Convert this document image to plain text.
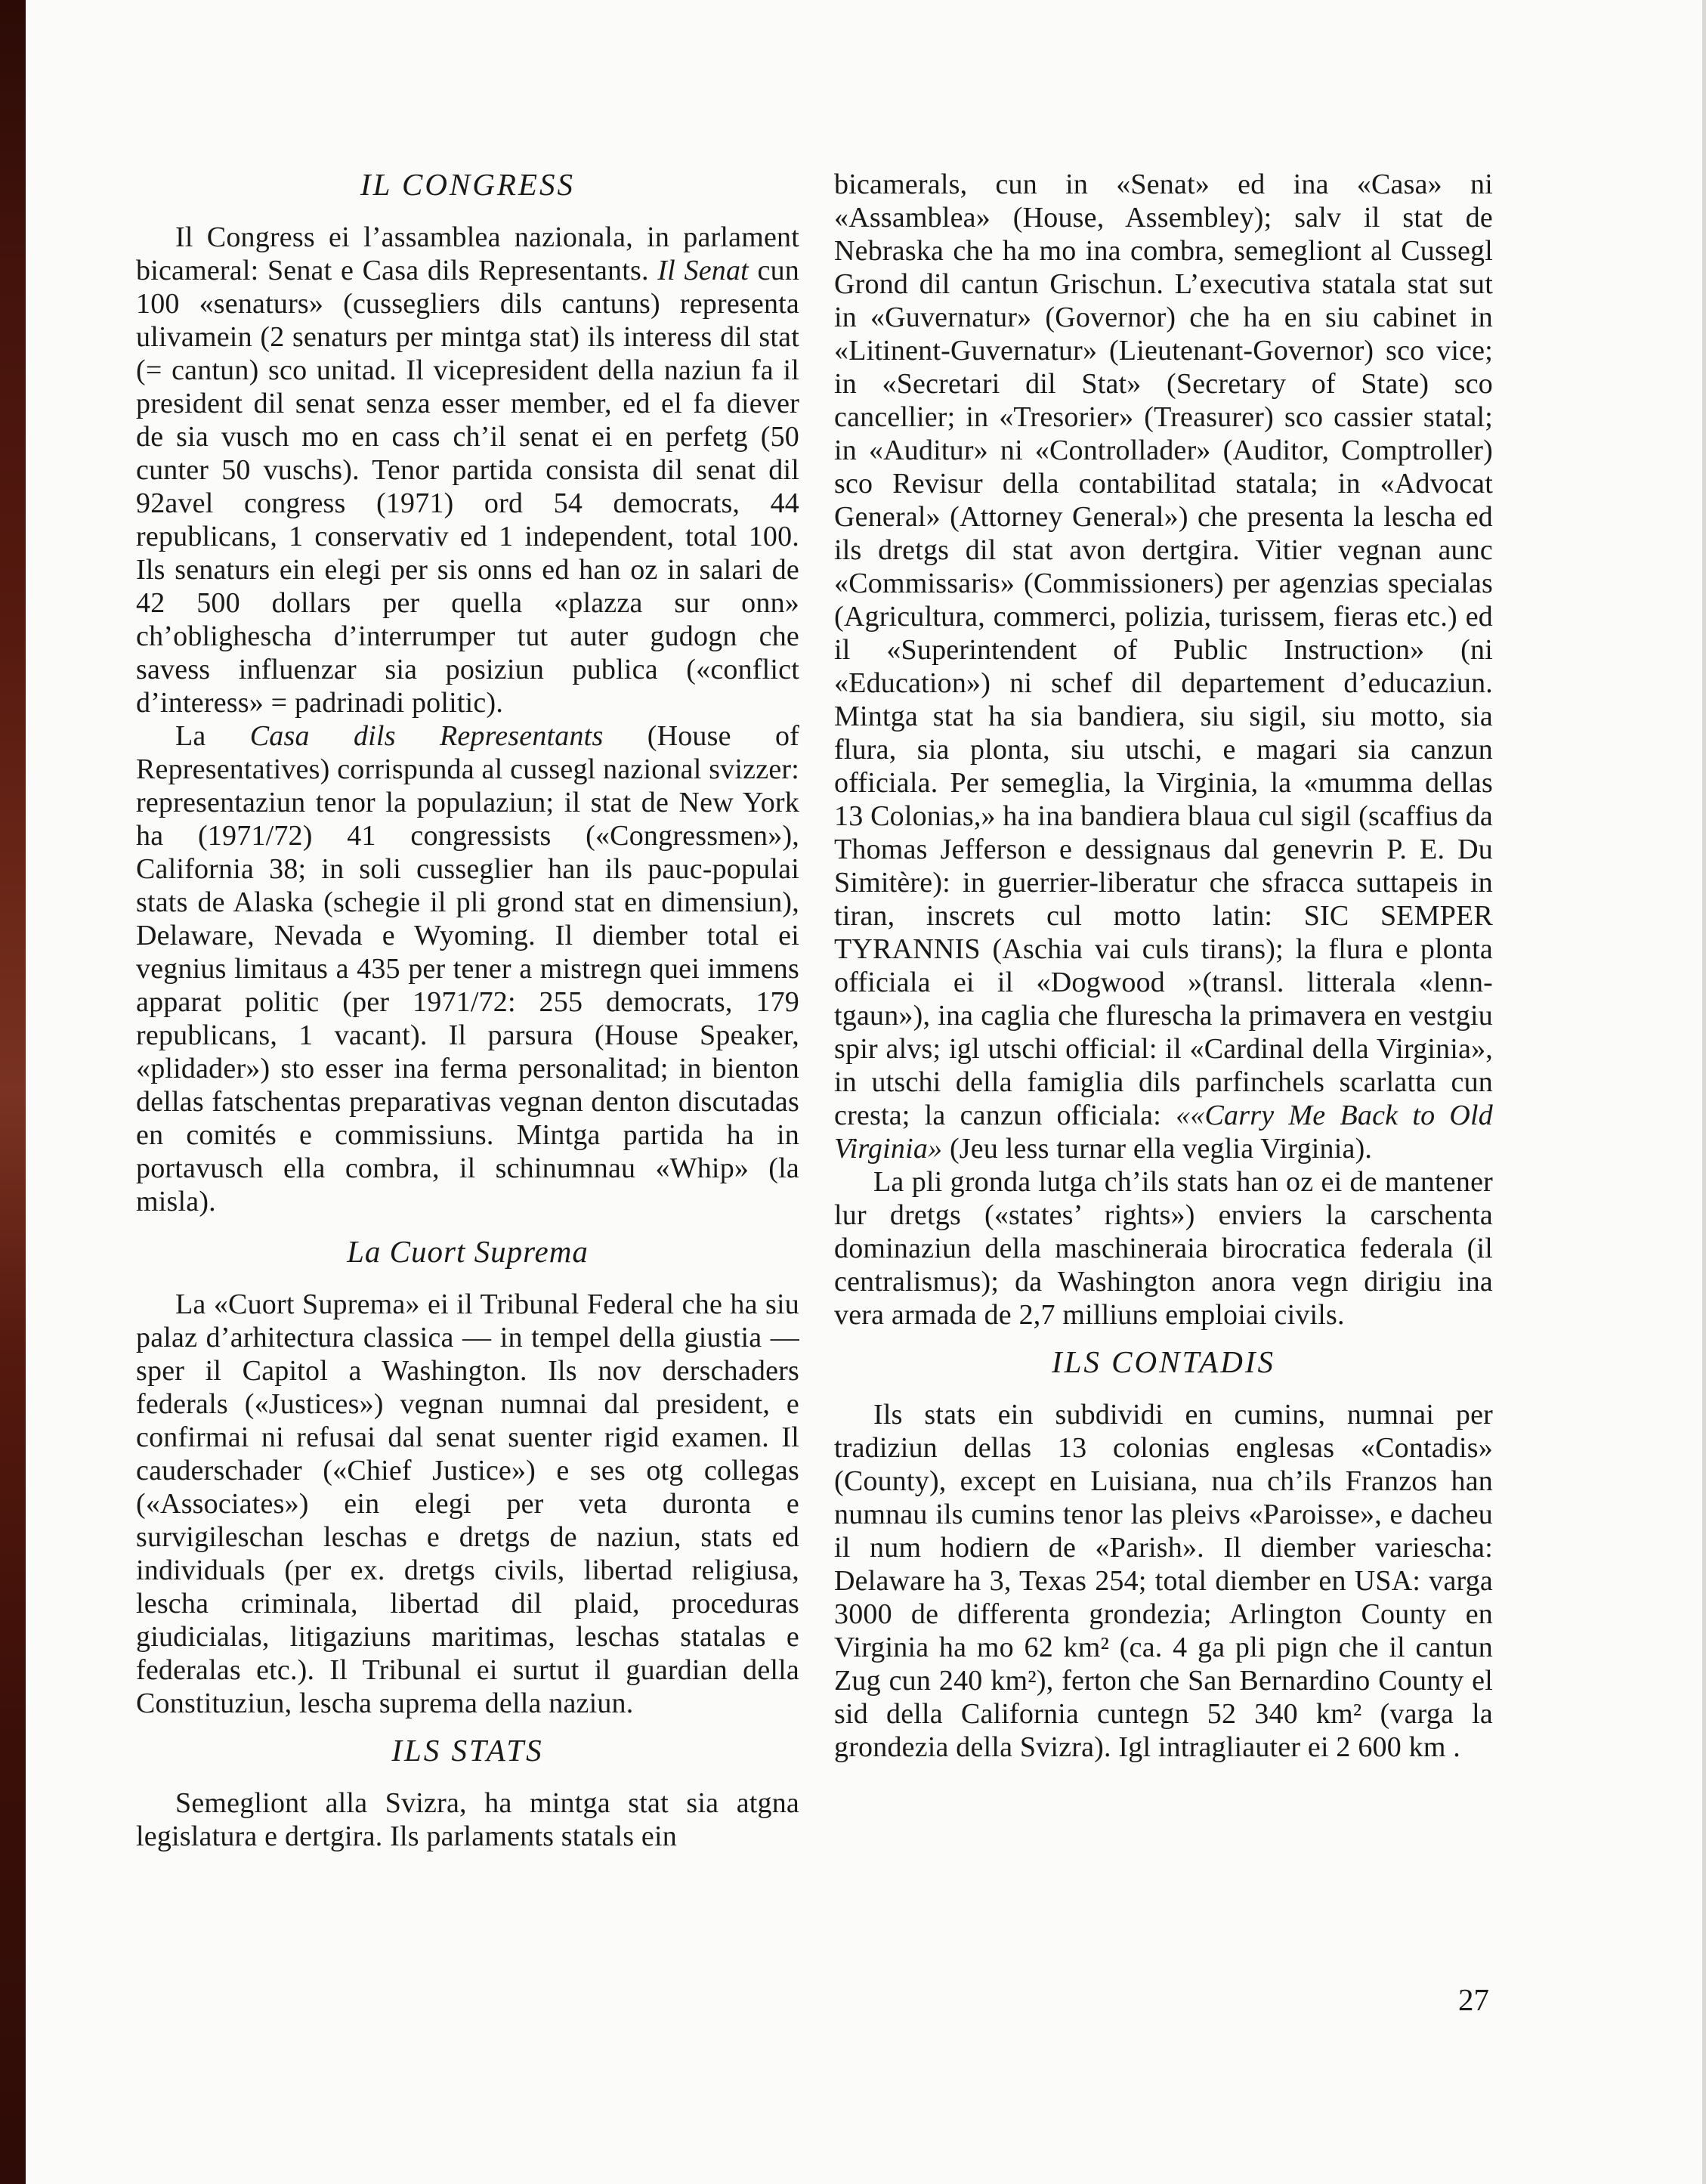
IL CONGRESS

Il Congress ei l’assamblea nazionala, in parlament bicameral: Senat e Casa dils Representants. Il Senat cun 100 «senaturs» (cussegliers dils cantuns) representa ulivamein (2 senaturs per mintga stat) ils interess dil stat (= cantun) sco unitad. Il vicepresident della naziun fa il president dil senat senza esser member, ed el fa diever de sia vusch mo en cass ch’il senat ei en perfetg (50 cunter 50 vuschs). Tenor partida consista dil senat dil 92avel congress (1971) ord 54 democrats, 44 republicans, 1 conservativ ed 1 independent, total 100. Ils senaturs ein elegi per sis onns ed han oz in salari de 42 500 dollars per quella «plazza sur onn» ch’oblighescha d’interrumper tut auter gudogn che savess influenzar sia posiziun publica («conflict d’interess» = padrinadi politic).

La Casa dils Representants (House of Representatives) corrispunda al cussegl nazional svizzer: representaziun tenor la populaziun; il stat de New York ha (1971/72) 41 congressists («Congressmen»), California 38; in soli cusseglier han ils pauc-populai stats de Alaska (schegie il pli grond stat en dimensiun), Delaware, Nevada e Wyoming. Il diember total ei vegnius limitaus a 435 per tener a mistregn quei immens apparat politic (per 1971/72: 255 democrats, 179 republicans, 1 vacant). Il parsura (House Speaker, «plidader») sto esser ina ferma personalitad; in bienton dellas fatschentas preparativas vegnan denton discutadas en comités e commissiuns. Mintga partida ha in portavusch ella combra, il schinumnau «Whip» (la misla).

La Cuort Suprema

La «Cuort Suprema» ei il Tribunal Federal che ha siu palaz d’arhitectura classica — in tempel della giustia — sper il Capitol a Washington. Ils nov derschaders federals («Justices») vegnan numnai dal president, e confirmai ni refusai dal senat suenter rigid examen. Il cauderschader («Chief Justice») e ses otg collegas («Associates») ein elegi per veta duronta e survigileschan leschas e dretgs de naziun, stats ed individuals (per ex. dretgs civils, libertad religiusa, lescha criminala, libertad dil plaid, proceduras giudicialas, litigaziuns maritimas, leschas statalas e federalas etc.). Il Tribunal ei surtut il guardian della Constituziun, lescha suprema della naziun.

ILS STATS

Semegliont alla Svizra, ha mintga stat sia atgna legislatura e dertgira. Ils parlaments statals ein

bicamerals, cun in «Senat» ed ina «Casa» ni «Assamblea» (House, Assembley); salv il stat de Nebraska che ha mo ina combra, semegliont al Cussegl Grond dil cantun Grischun. L’executiva statala stat sut in «Guvernatur» (Governor) che ha en siu cabinet in «Litinent-Guvernatur» (Lieutenant-Governor) sco vice; in «Secretari dil Stat» (Secretary of State) sco cancellier; in «Tresorier» (Treasurer) sco cassier statal; in «Auditur» ni «Controllader» (Auditor, Comptroller) sco Revisur della contabilitad statala; in «Advocat General» (Attorney General») che presenta la lescha ed ils dretgs dil stat avon dertgira. Vitier vegnan aunc «Commissaris» (Commissioners) per agenzias specialas (Agricultura, commerci, polizia, turissem, fieras etc.) ed il «Superintendent of Public Instruction» (ni «Education») ni schef dil departement d’educaziun. Mintga stat ha sia bandiera, siu sigil, siu motto, sia flura, sia plonta, siu utschi, e magari sia canzun officiala. Per semeglia, la Virginia, la «mumma dellas 13 Colonias,» ha ina bandiera blaua cul sigil (scaffius da Thomas Jefferson e dessignaus dal genevrin P. E. Du Simitère): in guerrier-liberatur che sfracca suttapeis in tiran, inscrets cul motto latin: SIC SEMPER TYRANNIS (Aschia vai culs tirans); la flura e plonta officiala ei il «Dogwood »(transl. litterala «lenn-tgaun»), ina caglia che flurescha la primavera en vestgiu spir alvs; igl utschi official: il «Cardinal della Virginia», in utschi della famiglia dils parfinchels scarlatta cun cresta; la canzun officiala: ««Carry Me Back to Old Virginia» (Jeu less turnar ella veglia Virginia).

La pli gronda lutga ch’ils stats han oz ei de mantener lur dretgs («states’ rights») enviers la carschenta dominaziun della maschineraia birocratica federala (il centralismus); da Washington anora vegn dirigiu ina vera armada de 2,7 milliuns emploiai civils.

ILS CONTADIS

Ils stats ein subdividi en cumins, numnai per tradiziun dellas 13 colonias englesas «Contadis» (County), except en Luisiana, nua ch’ils Franzos han numnau ils cumins tenor las pleivs «Paroisse», e dacheu il num hodiern de «Parish». Il diember variescha: Delaware ha 3, Texas 254; total diember en USA: varga 3000 de differenta grondezia; Arlington County en Virginia ha mo 62 km² (ca. 4 ga pli pign che il cantun Zug cun 240 km²), ferton che San Bernardino County el sid della California cuntegn 52 340 km² (varga la grondezia della Svizra). Igl intragliauter ei 2 600 km .

27
